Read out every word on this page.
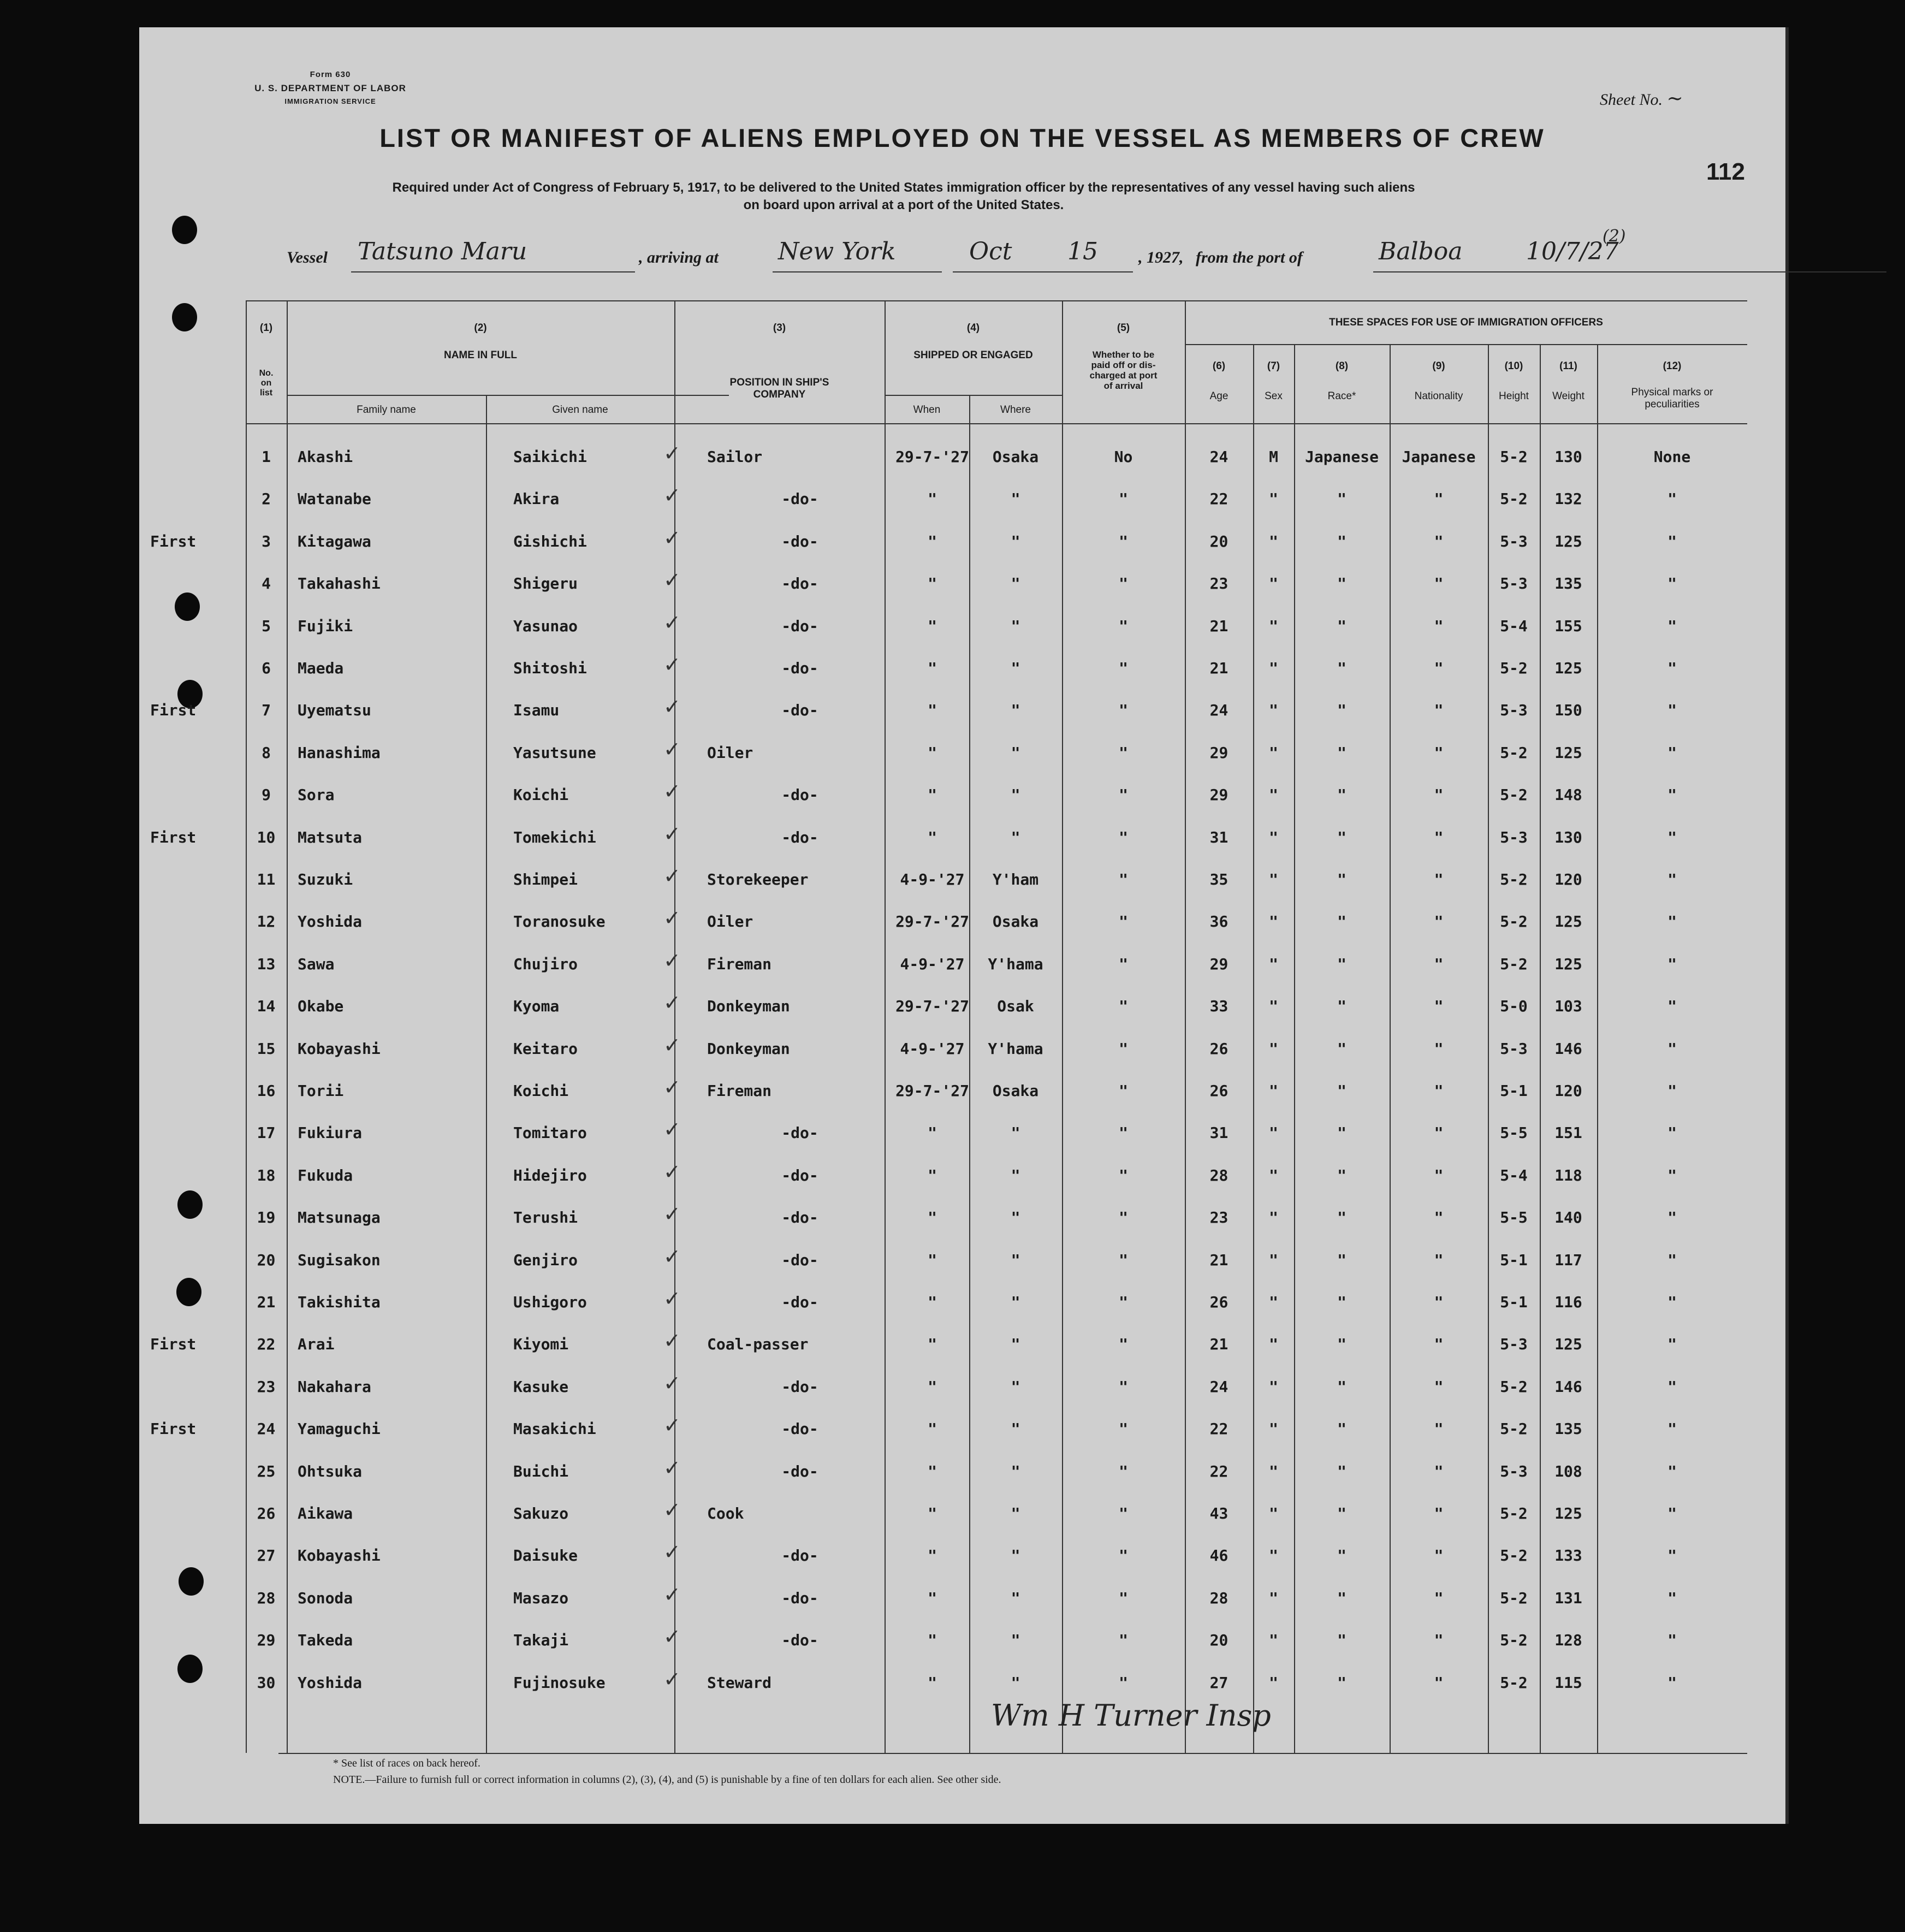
Form 630
U. S. DEPARTMENT OF LABOR
IMMIGRATION SERVICE	Sheet No. ~
112
LIST OR MANIFEST OF ALIENS EMPLOYED ON THE VESSEL AS MEMBERS OF CREW
Required under Act of Congress of February 5, 1917, to be delivered to the United States immigration officer by the representatives of any vessel having such aliens
on board upon arrival at a port of the United States.
Vessel Tatsuno Maru	, arriving at New York	Oct 15 , 1927, from the port of	Balboa	10/7/27
(2)
(1)
No.
on
list
(2)
NAME IN FULL
Family name	Given name
(3)
POSITION IN SHIP'S
COMPANY
(4)
SHIPPED OR ENGAGED
When	Where
(5)
Whether to be
paid off or dis-
charged at port
of arrival
THESE SPACES FOR USE OF IMMIGRATION OFFICERS
(6)
Age
(7)
Sex
(8)
Race*
(9)
Nationality
(10)
Height
(11)
Weight
(12)
Physical marks or
peculiarities
1	Akashi	Saikichi	Sailor	29-7-'27	Osaka	No	24	M	Japanese	Japanese	5-2	130	None
✓
2	Watanabe	Akira	-do-	"	"	"	22	"	"	"	5-2	132	"
✓
First	3	Kitagawa	Gishichi	-do-	"	"	"	20	"	"	"	5-3	125	"
✓
4	Takahashi	Shigeru	-do-	"	"	"	23	"	"	"	5-3	135	"
✓
5	Fujiki	Yasunao	-do-	"	"	"	21	"	"	"	5-4	155	"
✓
6	Maeda	Shitoshi	-do-	"	"	"	21	"	"	"	5-2	125	"
✓
First	7	Uyematsu	Isamu	-do-	"	"	"	24	"	"	"	5-3	150	"
✓
8	Hanashima	Yasutsune	Oiler	"	"	"	29	"	"	"	5-2	125	"
✓
9	Sora	Koichi	-do-	"	"	"	29	"	"	"	5-2	148	"
✓
First	10	Matsuta	Tomekichi	-do-	"	"	"	31	"	"	"	5-3	130	"
✓
11	Suzuki	Shimpei	Storekeeper	4-9-'27	Y'ham	"	35	"	"	"	5-2	120	"
✓
12	Yoshida	Toranosuke	Oiler	29-7-'27	Osaka	"	36	"	"	"	5-2	125	"
✓
13	Sawa	Chujiro	Fireman	4-9-'27	Y'hama	"	29	"	"	"	5-2	125	"
✓
14	Okabe	Kyoma	Donkeyman	29-7-'27	Osak	"	33	"	"	"	5-0	103	"
✓
15	Kobayashi	Keitaro	Donkeyman	4-9-'27	Y'hama	"	26	"	"	"	5-3	146	"
✓
16	Torii	Koichi	Fireman	29-7-'27	Osaka	"	26	"	"	"	5-1	120	"
✓
17	Fukiura	Tomitaro	-do-	"	"	"	31	"	"	"	5-5	151	"
✓
18	Fukuda	Hidejiro	-do-	"	"	"	28	"	"	"	5-4	118	"
✓
19	Matsunaga	Terushi	-do-	"	"	"	23	"	"	"	5-5	140	"
✓
20	Sugisakon	Genjiro	-do-	"	"	"	21	"	"	"	5-1	117	"
✓
21	Takishita	Ushigoro	-do-	"	"	"	26	"	"	"	5-1	116	"
✓
First	22	Arai	Kiyomi	Coal-passer	"	"	"	21	"	"	"	5-3	125	"
✓
23	Nakahara	Kasuke	-do-	"	"	"	24	"	"	"	5-2	146	"
✓
First	24	Yamaguchi	Masakichi	-do-	"	"	"	22	"	"	"	5-2	135	"
✓
25	Ohtsuka	Buichi	-do-	"	"	"	22	"	"	"	5-3	108	"
✓
26	Aikawa	Sakuzo	Cook	"	"	"	43	"	"	"	5-2	125	"
✓
27	Kobayashi	Daisuke	-do-	"	"	"	46	"	"	"	5-2	133	"
✓
28	Sonoda	Masazo	-do-	"	"	"	28	"	"	"	5-2	131	"
✓
29	Takeda	Takaji	-do-	"	"	"	20	"	"	"	5-2	128	"
✓
30	Yoshida	Fujinosuke	Steward	"	"	"	27	"	"	"	5-2	115	"
✓
* See list of races on back hereof.
NOTE.—Failure to furnish full or correct information in columns (2), (3), (4), and (5) is punishable by a fine of ten dollars for each alien. See other side.
Wm H Turner Insp
